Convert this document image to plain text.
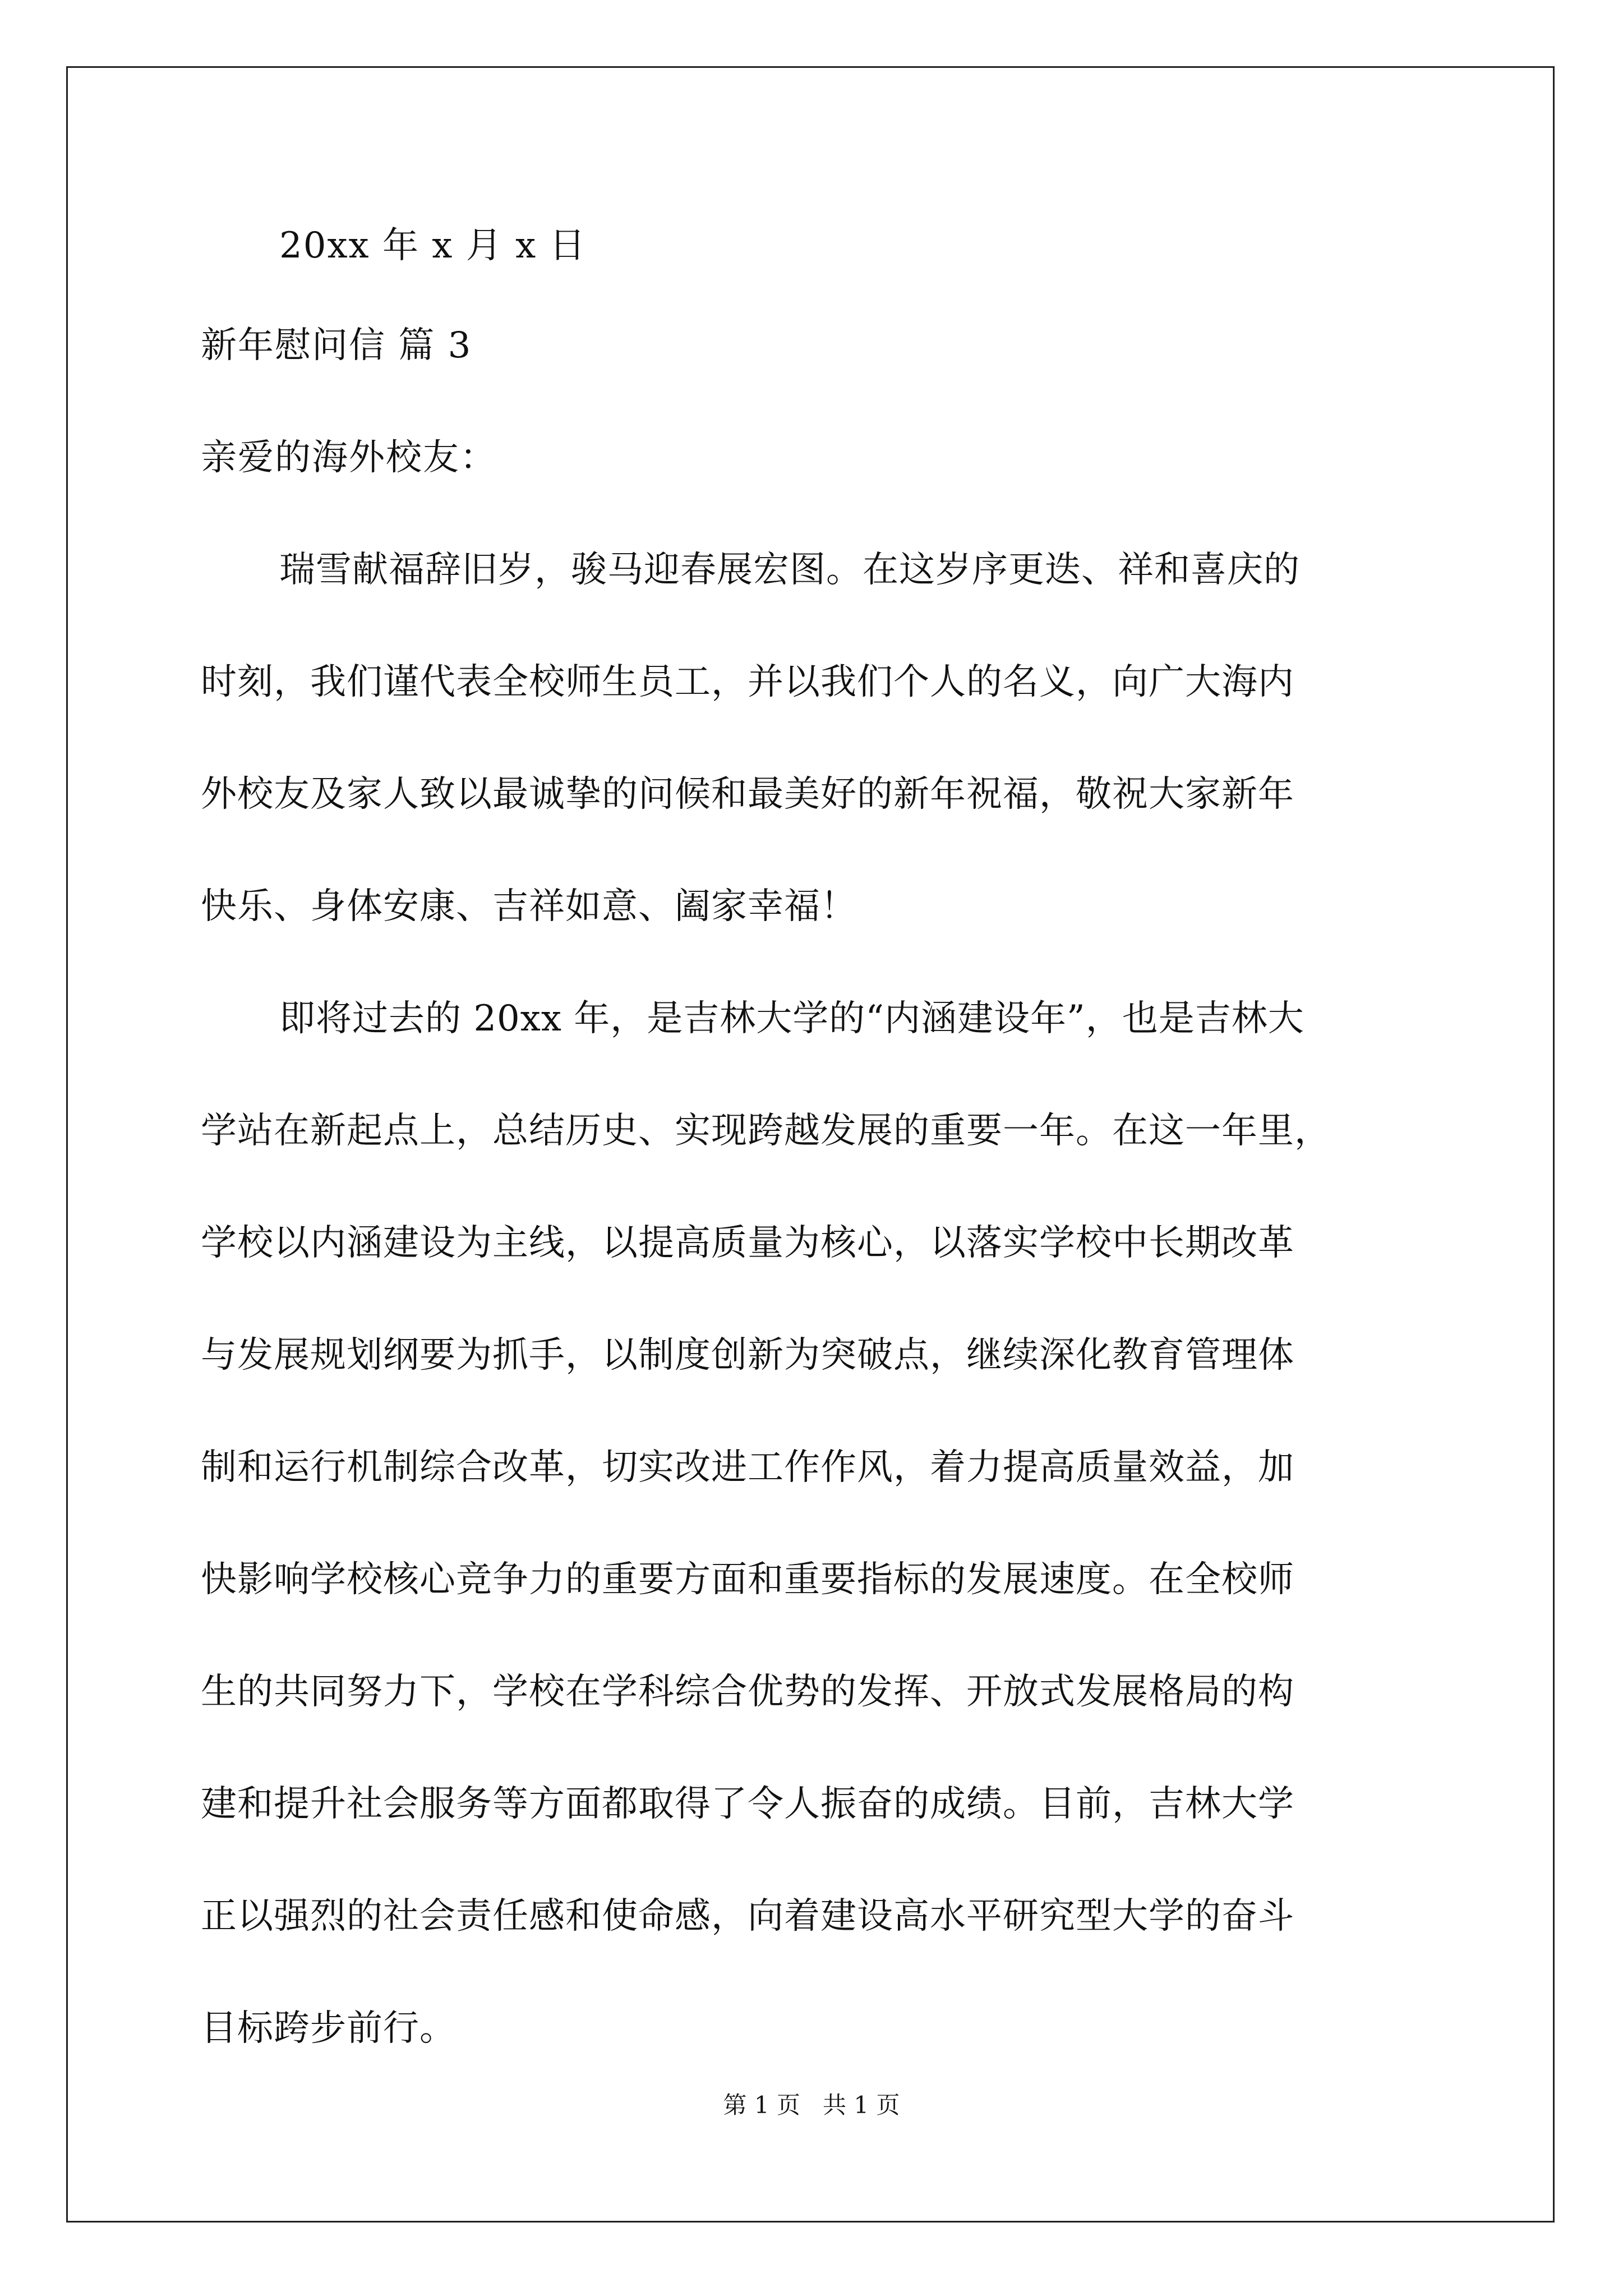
20xx 年 x 月 x 日
新年慰问信 篇 3
亲爱的海外校友：
瑞雪献福辞旧岁，骏马迎春展宏图。在这岁序更迭、祥和喜庆的
时刻，我们谨代表全校师生员工，并以我们个人的名义，向广大海内
外校友及家人致以最诚挚的问候和最美好的新年祝福，敬祝大家新年
快乐、身体安康、吉祥如意、阖家幸福！
即将过去的 20xx 年，是吉林大学的“内涵建设年”，也是吉林大
学站在新起点上，总结历史、实现跨越发展的重要一年。在这一年里，
学校以内涵建设为主线，以提高质量为核心，以落实学校中长期改革
与发展规划纲要为抓手，以制度创新为突破点，继续深化教育管理体
制和运行机制综合改革，切实改进工作作风，着力提高质量效益，加
快影响学校核心竞争力的重要方面和重要指标的发展速度。在全校师
生的共同努力下，学校在学科综合优势的发挥、开放式发展格局的构
建和提升社会服务等方面都取得了令人振奋的成绩。目前，吉林大学
正以强烈的社会责任感和使命感，向着建设高水平研究型大学的奋斗
目标跨步前行。
第 1 页   共 1 页
